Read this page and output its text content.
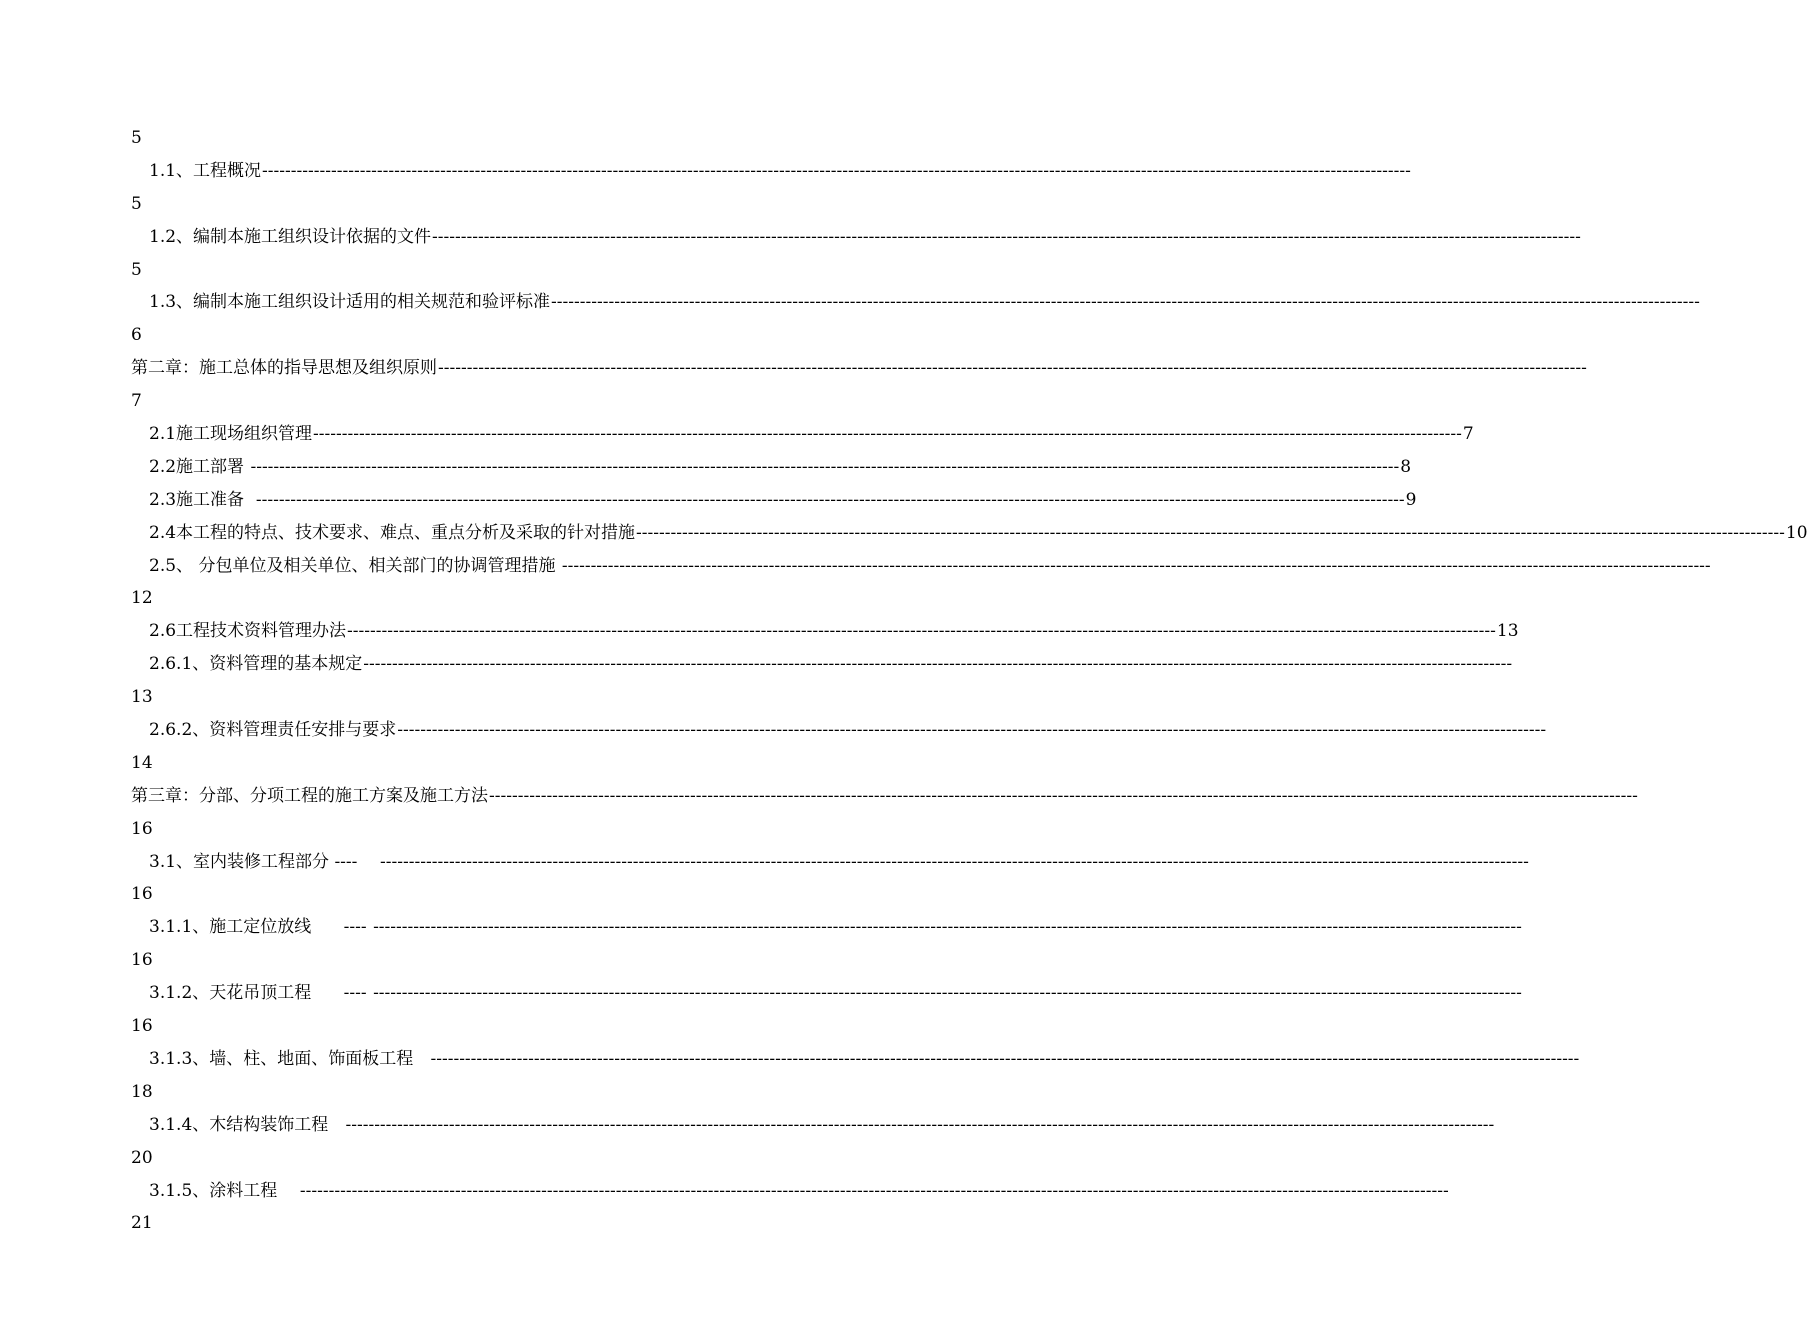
5
1.1、工程概况 --------------------------------------------------------------------------------------------------------------------------------------------------------------------------------------------------------
5
1.2、编制本施工组织设计依据的文件 --------------------------------------------------------------------------------------------------------------------------------------------------------------------------------------------------------
5
1.3、编制本施工组织设计适用的相关规范和验评标准 --------------------------------------------------------------------------------------------------------------------------------------------------------------------------------------------------------
6
第二章：施工总体的指导思想及组织原则 --------------------------------------------------------------------------------------------------------------------------------------------------------------------------------------------------------
7
2.1施工现场组织管理 -------------------------------------------------------------------------------------------------------------------------------------------------------------------------------------------------------- 7
2.2施工部署 -------------------------------------------------------------------------------------------------------------------------------------------------------------------------------------------------------- 8
2.3施工准备 -------------------------------------------------------------------------------------------------------------------------------------------------------------------------------------------------------- 9
2.4本工程的特点、技术要求、难点、重点分析及采取的针对措施 -------------------------------------------------------------------------------------------------------------------------------------------------------------------------------------------------------- 10
2.5、 分包单位及相关单位、相关部门的协调管理措施 --------------------------------------------------------------------------------------------------------------------------------------------------------------------------------------------------------
12
2.6工程技术资料管理办法 -------------------------------------------------------------------------------------------------------------------------------------------------------------------------------------------------------- 13
2.6.1、资料管理的基本规定 --------------------------------------------------------------------------------------------------------------------------------------------------------------------------------------------------------
13
2.6.2、资料管理责任安排与要求 --------------------------------------------------------------------------------------------------------------------------------------------------------------------------------------------------------
14
第三章：分部、分项工程的施工方案及施工方法 --------------------------------------------------------------------------------------------------------------------------------------------------------------------------------------------------------
16
3.1、室内装修工程部分 ---- --------------------------------------------------------------------------------------------------------------------------------------------------------------------------------------------------------
16
3.1.1、施工定位放线      ---- --------------------------------------------------------------------------------------------------------------------------------------------------------------------------------------------------------
16
3.1.2、天花吊顶工程      ---- --------------------------------------------------------------------------------------------------------------------------------------------------------------------------------------------------------
16
3.1.3、墙、柱、地面、饰面板工程 --------------------------------------------------------------------------------------------------------------------------------------------------------------------------------------------------------
18
3.1.4、木结构装饰工程 --------------------------------------------------------------------------------------------------------------------------------------------------------------------------------------------------------
20
3.1.5、涂料工程 --------------------------------------------------------------------------------------------------------------------------------------------------------------------------------------------------------
21
